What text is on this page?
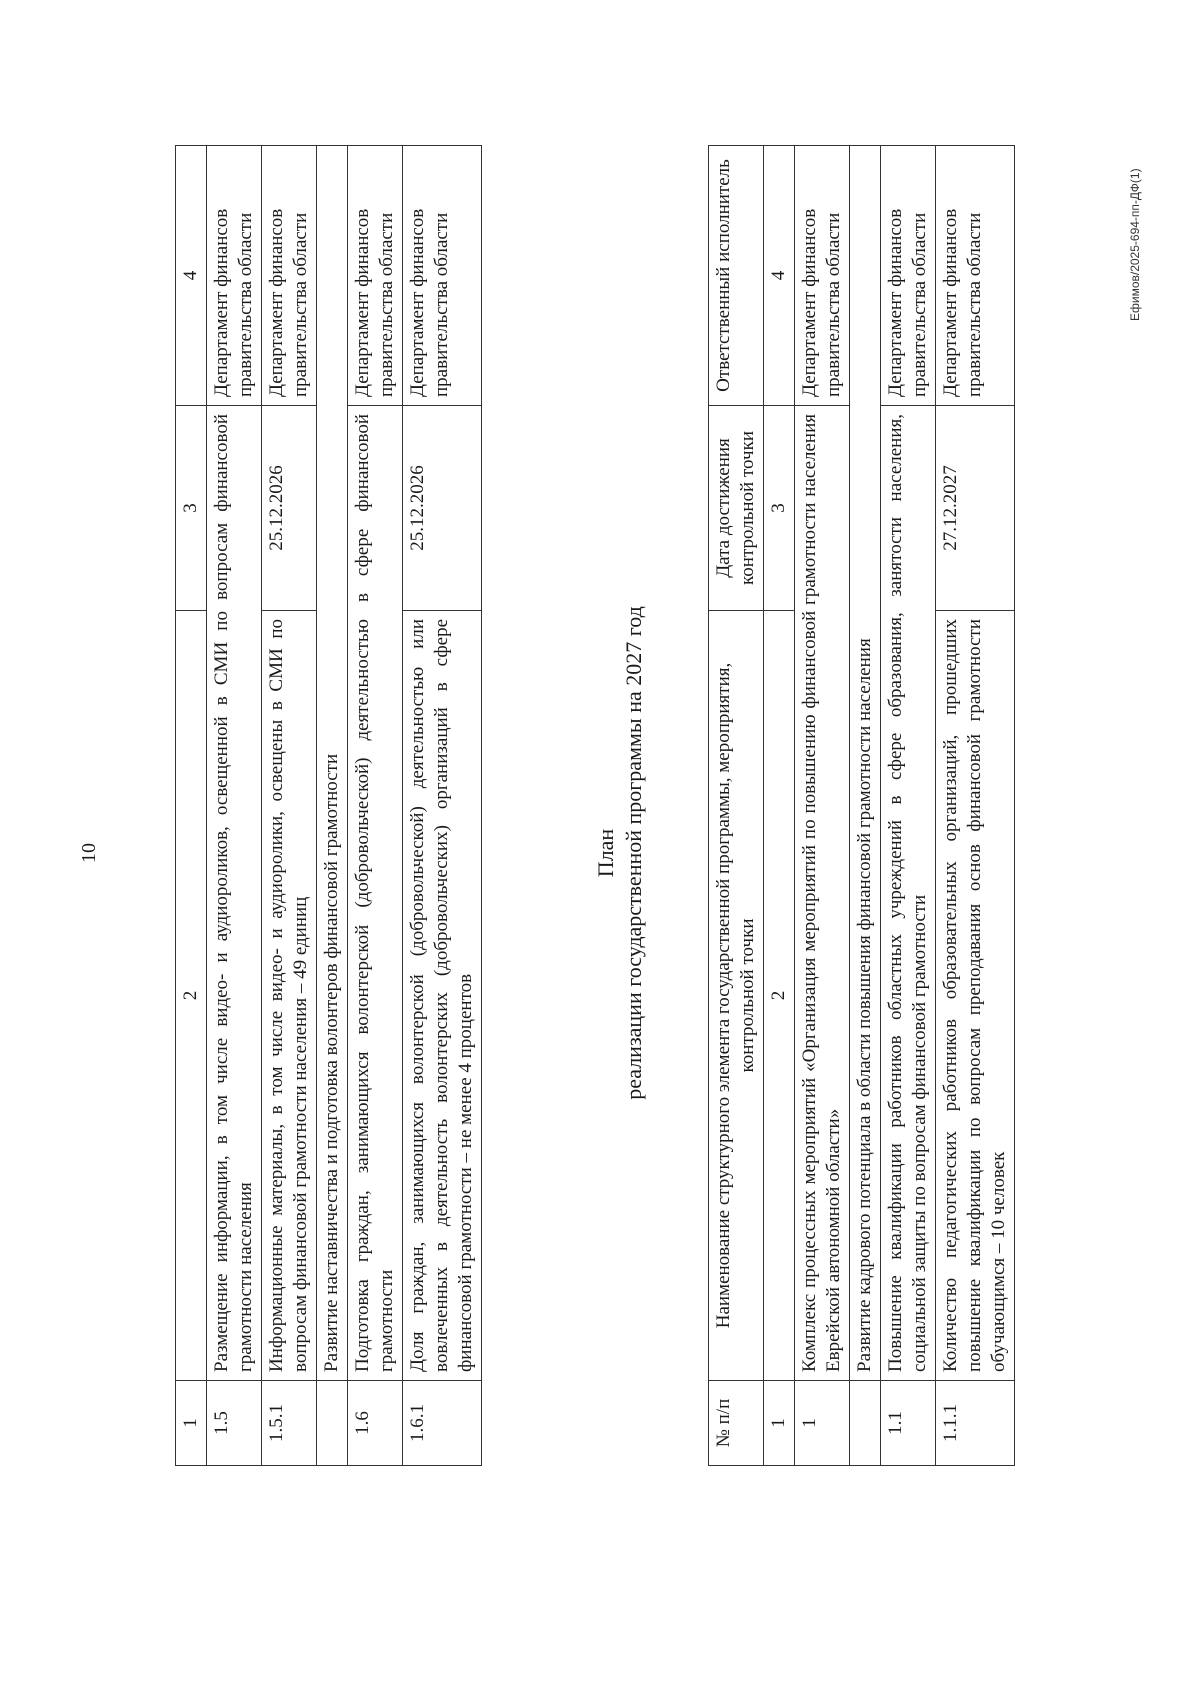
10
1	2	3	4
1.5	Размещение информации, в том числе видео- и аудиороликов, освещенной в СМИ по вопросам финансовой грамотности населения		Департамент финансов правительства области
1.5.1	Информационные материалы, в том числе видео- и аудиоролики, освещены в СМИ по вопросам финансовой грамотности населения – 49 единиц	25.12.2026	Департамент финансов правительства области
	Развитие наставничества и подготовка волонтеров финансовой грамотности		
1.6	Подготовка граждан, занимающихся волонтерской (добровольческой) деятельностью в сфере финансовой грамотности		Департамент финансов правительства области
1.6.1	Доля граждан, занимающихся волонтерской (добровольческой) деятельностью или вовлеченных в деятельность волонтерских (добровольческих) организаций в сфере финансовой грамотности – не менее 4 процентов	25.12.2026	Департамент финансов правительства области
План реализации государственной программы на 2027 год
№ п/п	Наименование структурного элемента государственной программы, мероприятия, контрольной точки	Дата достижения контрольной точки	Ответственный исполнитель
1	2	3	4
1	Комплекс процессных мероприятий «Организация мероприятий по повышению финансовой грамотности населения Еврейской автономной области»		Департамент финансов правительства области
	Развитие кадрового потенциала в области повышения финансовой грамотности населения		
1.1	Повышение квалификации работников областных учреждений в сфере образования, занятости населения, социальной защиты по вопросам финансовой грамотности		Департамент финансов правительства области
1.1.1	Количество педагогических работников образовательных организаций, прошедших повышение квалификации по вопросам преподавания основ финансовой грамотности обучающимся – 10 человек	27.12.2027	Департамент финансов правительства области	Ефимов/2025-694-пп-ДФ(1)
